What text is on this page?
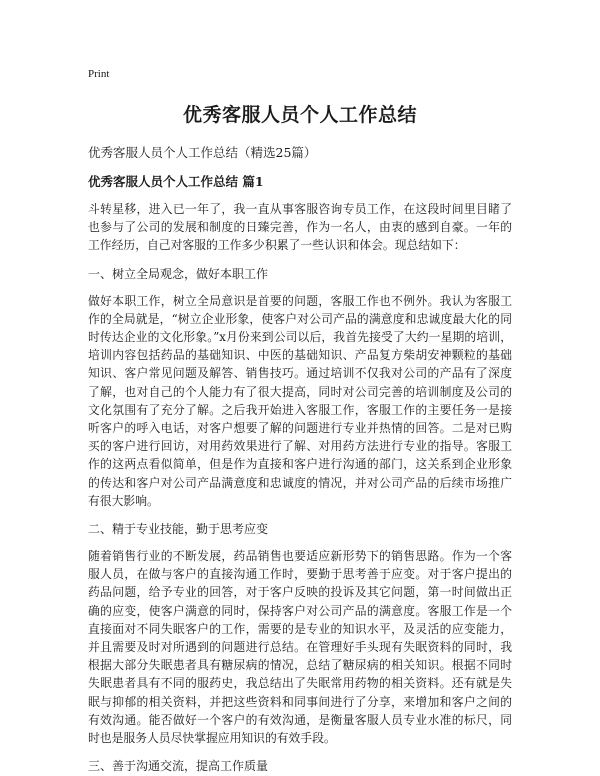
Print
优秀客服人员个人工作总结
优秀客服人员个人工作总结（精选25篇）
优秀客服人员个人工作总结 篇1

斗转星移，进入已一年了，我一直从事客服咨询专员工作，在这段时间里目睹了也参与了公司的发展和制度的日臻完善，作为一名人，由衷的感到自豪。一年的工作经历，自己对客服的工作多少积累了一些认识和体会。现总结如下：

一、树立全局观念，做好本职工作

做好本职工作，树立全局意识是首要的问题，客服工作也不例外。我认为客服工作的全局就是，“树立企业形象，使客户对公司产品的满意度和忠诚度最大化的同时传达企业的文化形象。”x月份来到公司以后，我首先接受了大约一星期的培训，培训内容包括药品的基础知识、中医的基础知识、产品复方柴胡安神颗粒的基础知识、客户常见问题及解答、销售技巧。通过培训不仅我对公司的产品有了深度了解，也对自己的个人能力有了很大提高，同时对公司完善的培训制度及公司的文化氛围有了充分了解。之后我开始进入客服工作，客服工作的主要任务一是接听客户的呼入电话，对客户想要了解的问题进行专业并热情的回答。二是对已购买的客户进行回访，对用药效果进行了解、对用药方法进行专业的指导。客服工作的这两点看似简单，但是作为直接和客户进行沟通的部门，这关系到企业形象的传达和客户对公司产品满意度和忠诚度的情况，并对公司产品的后续市场推广有很大影响。

二、精于专业技能，勤于思考应变

随着销售行业的不断发展，药品销售也要适应新形势下的销售思路。作为一个客服人员，在做与客户的直接沟通工作时，要勤于思考善于应变。对于客户提出的药品问题，给予专业的回答，对于客户反映的投诉及其它问题，第一时间做出正确的应变，使客户满意的同时，保持客户对公司产品的满意度。客服工作是一个直接面对不同失眠客户的工作，需要的是专业的知识水平，及灵活的应变能力，并且需要及时对所遇到的问题进行总结。在管理好手头现有失眠资料的同时，我根据大部分失眠患者具有糖尿病的情况，总结了糖尿病的相关知识。根据不同时失眠患者具有不同的服药史，我总结出了失眠常用药物的相关资料。还有就是失眠与抑郁的相关资料，并把这些资料和同事间进行了分享，来增加和客户之间的有效沟通。能否做好一个客户的有效沟通，是衡量客服人员专业水准的标尺，同时也是服务人员尽快掌握应用知识的有效手段。

三、善于沟通交流，提高工作质量
